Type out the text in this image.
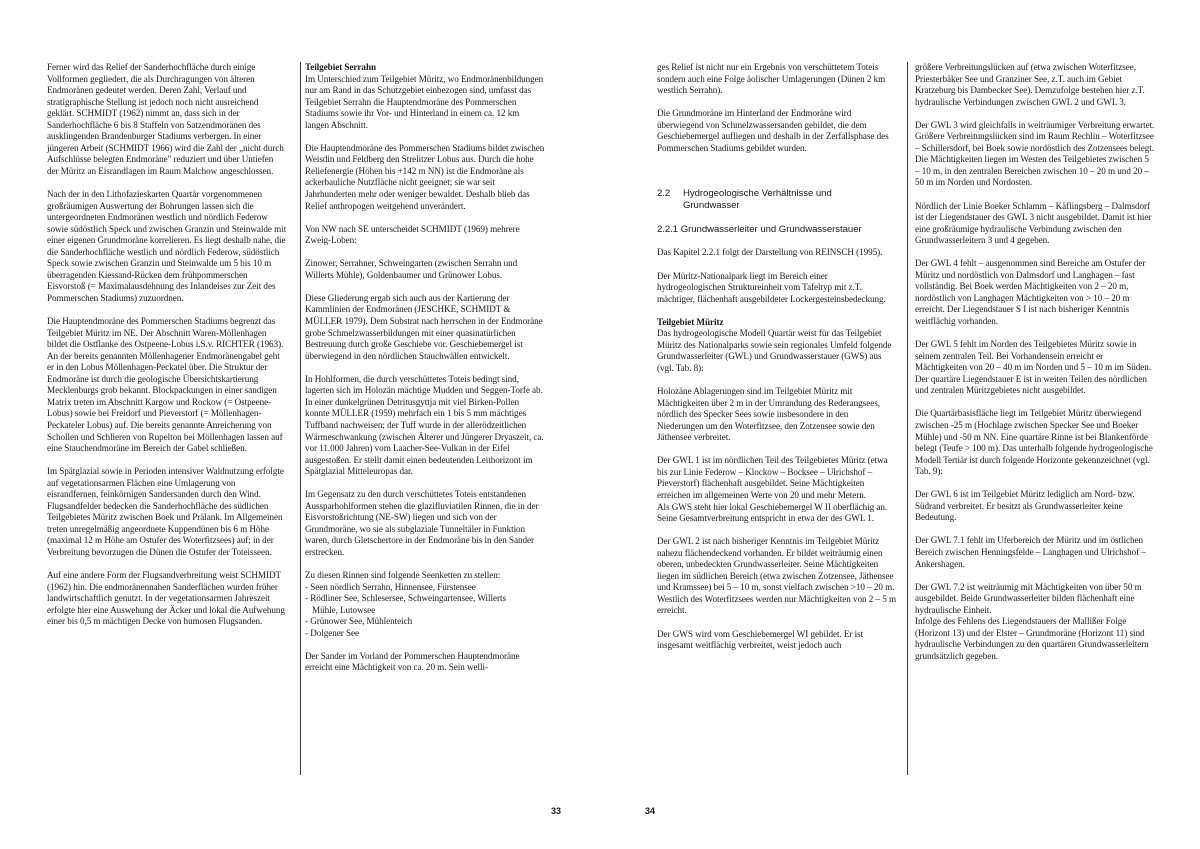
Ferner wird das Relief der Sanderhochfläche durch einige Vollformen gegliedert, die als Durchragungen von älteren Endmoränen gedeutet werden. Deren Zahl, Verlauf und stratigraphische Stellung ist jedoch noch nicht ausreichend geklärt. SCHMIDT (1962) nimmt an, dass sich in der Sanderhochfläche 6 bis 8 Staffeln von Satzendmoränen des ausklingenden Brandenburger Stadiums verbergen. In einer jüngeren Arbeit (SCHMIDT 1966) wird die Zahl der „nicht durch Aufschlüsse belegten Endmoräne" reduziert und über Untiefen der Müritz an Eisrandlagen im Raum Malchow angeschlossen.

Nach der in den Lithofazieskarten Quartär vorgenommenen großräumigen Auswertung der Bohrungen lassen sich die untergeordneten Endmoränen westlich und nördlich Federow sowie südöstlich Speck und zwischen Granzin und Steinwalde mit einer eigenen Grundmoräne korrelieren. Es liegt deshalb nahe, die die Sanderhochfläche westlich und nördlich Federow, südöstlich Speck sowie zwischen Granzin und Steinwalde um 5 bis 10 m überragenden Kiessand-Rücken dem frühpommerschen Eisvorstoß (= Maximalausdehnung des Inlandeises zur Zeit des Pommerschen Stadiums) zuzuordnen.

Die Hauptendmoräne des Pommerschen Stadiums begrenzt das Teilgebiet Müritz im NE. Der Abschnitt Waren-Möllenhagen bildet die Ostflanke des Ostpeene-Lobus i.S.v. RICHTER (1963). An der bereits genannten Möllenhagener Endmoränengabel geht er in den Lobus Möllenhagen-Peckatel über. Die Struktur der Endmoräne ist durch die geologische Übersichtskartierung Mecklenburgs grob bekannt. Blockpackungen in einer sandigen Matrix treten im Abschnitt Kargow und Rockow (= Ostpeene-Lobus) sowie bei Freidorf und Pieverstorf (= Möllenhagen-Peckateler Lobus) auf. Die bereits genannte Anreicherung von Schollen und Schlieren von Rupelton bei Möllenhagen lassen auf eine Stauchendmoräne im Bereich der Gabel schließen.

Im Spätglazial sowie in Perioden intensiver Waldnutzung erfolgte auf vegetationsarmen Flächen eine Umlagerung von eisrandfernen, feinkörnigen Sandersanden durch den Wind. Flugsandfelder bedecken die Sanderhochfläche des südlichen Teilgebietes Müritz zwischen Boek und Prälank. Im Allgemeinen treten unregelmäßig angeordnete Kuppendünen bis 6 m Höhe (maximal 12 m Höhe am Ostufer des Woterfitzsees) auf; in der Verbreitung bevorzugen die Dünen die Ostufer der Toteisseen.

Auf eine andere Form der Flugsandverbreitung weist SCHMIDT (1962) hin. Die endmoränennahen Sanderflächen wurden früher landwirtschaftlich genutzt. In der vegetationsarmen Jahreszeit erfolgte hier eine Auswehung der Äcker und lokal die Aufwehung einer bis 0,5 m mächtigen Decke von humosen Flugsanden.

Teilgebiet Serrahn
Im Unterschied zum Teilgebiet Müritz, wo Endmoränenbildungen nur am Rand in das Schutzgebiet einbezogen sind, umfasst das Teilgebiet Serrahn die Hauptendmoräne des Pommerschen Stadiums sowie ihr Vor- und Hinterland in einem ca. 12 km langen Abschnitt.

Die Hauptendmoräne des Pommerschen Stadiums bildet zwischen Weisdin und Feldberg den Strelitzer Lobus aus. Durch die hohe Reliefenergie (Höhen bis +142 m NN) ist die Endmoräne als ackerbauliche Nutzfläche nicht geeignet; sie war seit Jahrhunderten mehr oder weniger bewaldet. Deshalb blieb das Relief anthropogen weitgehend unverändert.

Von NW nach SE unterscheidet SCHMIDT (1969) mehrere Zweig-Loben:

Zinower, Serrahner, Schweingarten (zwischen Serrahn und Willerts Mühle), Goldenbaumer und Grünower Lobus.

Diese Gliederung ergab sich auch aus der Kartierung der Kammlinien der Endmoränen (JESCHKE, SCHMIDT & MÜLLER 1979). Dem Substrat nach herrschen in der Endmoräne grobe Schmelzwasserbildungen mit einer quasinatürlichen Bestreuung durch große Geschiebe vor. Geschiebemergel ist überwiegend in den nördlichen Stauchwällen entwickelt.

In Hohlformen, die durch verschüttetes Toteis bedingt sind, lagerten sich im Holozän mächtige Mudden und Seggen-Torfe ab. In einer dunkelgrünen Detritusgyttja mit viel Birken-Pollen konnte MÜLLER (1959) mehrfach ein 1 bis 5 mm mächtiges Tuffband nachweisen; der Tuff wurde in der allerödzeitlichen Wärmeschwankung (zwischen Älterer und Jüngerer Dryaszeit, ca. vor 11.000 Jahren) vom Laacher-See-Vulkan in der Eifel ausgestoßen. Er stellt damit einen bedeutenden Leithorizont im Spätglazial Mitteleuropas dar.

Im Gegensatz zu den durch verschüttetes Toteis entstandenen Aussparhohlformen stehen die glazifluviatilen Rinnen, die in der Eisvorstoßrichtung (NE-SW) liegen und sich von der Grundmoräne, wo sie als subglaziale Tunneltäler in Funktion waren, durch Gletschertore in der Endmoräne bis in den Sander erstrecken.

Zu diesen Rinnen sind folgende Seenketten zu stellen:
- Seen nördlich Serrahn, Hinnensee, Fürstensee
- Rödliner See, Schlesersee, Schweingartensee, Willerts
Mühle, Lutowsee
- Grünower See, Mühlenteich
- Dolgener See

Der Sander im Vorland der Pommerschen Hauptendmoräne erreicht eine Mächtigkeit von ca. 20 m. Sein welli-

ges Relief ist nicht nur ein Ergebnis von verschüttetem Toteis sondern auch eine Folge äolischer Umlagerungen (Dünen 2 km westlich Serrahn).

Die Grundmoräne im Hinterland der Endmoräne wird überwiegend von Schmelzwassersanden gebildet, die dem Geschiebemergel aufliegen und deshalb in der Zerfallsphase des Pommerschen Stadiums gebildet wurden.

2.2 Hydrogeologische Verhältnisse und Grundwasser

2.2.1 Grundwasserleiter und Grundwasserstauer

Das Kapitel 2.2.1 folgt der Darstellung von REINSCH (1995).

Der Müritz-Nationalpark liegt im Bereich einer hydrogeologischen Struktureinheit vom Tafeltyp mit z.T. mächtiger, flächenhaft ausgebildeter Lockergesteinsbedeckung.

Teilgebiet Müritz
Das hydrogeologische Modell Quartär weist für das Teilgebiet Müritz des Nationalparks sowie sein regionales Umfeld folgende Grundwasserleiter (GWL) und Grundwasserstauer (GWS) aus (vgl. Tab. 8):

Holozäne Ablagerungen sind im Teilgebiet Müritz mit Mächtigkeiten über 2 m in der Umrandung des Rederangsees, nördlich des Specker Sees sowie insbesondere in den Niederungen um den Woterfitzsee, den Zotzensee sowie den Jäthensee verbreitet.

Der GWL 1 ist im nördlichen Teil des Teilgebietes Müritz (etwa bis zur Linie Federow – Klockow – Bocksee – Ulrichshof – Pieverstorf) flächenhaft ausgebildet. Seine Mächtigkeiten erreichen im allgemeinen Werte von 20 und mehr Metern.
Als GWS steht hier lokal Geschiebemergel W II oberflächig an. Seine Gesamtverbreitung entspricht in etwa der des GWL 1.

Der GWL 2 ist nach bisheriger Kenntnis im Teilgebiet Müritz nahezu flächendeckend vorhanden. Er bildet weiträumig einen oberen, unbedeckten Grundwasserleiter. Seine Mächtigkeiten liegen im südlichen Bereich (etwa zwischen Zotzensee, Jäthensee und Kramssee) bei 5 – 10 m, sonst vielfach zwischen >10 – 20 m. Westlich des Woterfitzsees werden nur Mächtigkeiten von 2 – 5 m erreicht.

Der GWS wird vom Geschiebemergel WI gebildet. Er ist insgesamt weitflächig verbreitet, weist jedoch auch

größere Verbreitungslücken auf (etwa zwischen Woterfitzsee, Priesterbäker See und Granziner See, z.T. auch im Gebiet Kratzeburg bis Dambecker See). Demzufolge bestehen hier z.T. hydraulische Verbindungen zwischen GWL 2 und GWL 3.

Der GWL 3 wird gleichfalls in weiträumiger Verbreitung erwartet. Größere Verbreitungslücken sind im Raum Rechlin – Woterfitzsee – Schillersdorf, bei Boek sowie nordöstlich des Zotzensees belegt. Die Mächtigkeiten liegen im Westen des Teilgebietes zwischen 5 – 10 m, in den zentralen Bereichen zwischen 10 – 20 m und 20 – 50 m im Norden und Nordosten.

Nördlich der Linie Boeker Schlamm – Käflingsberg – Dalmsdorf ist der Liegendstauer des GWL 3 nicht ausgebildet. Damit ist hier eine großräumige hydraulische Verbindung zwischen den Grundwasserleitern 3 und 4 gegeben.

Der GWL 4 fehlt – ausgenommen sind Bereiche am Ostufer der Müritz und nordöstlich von Dalmsdorf und Langhagen – fast vollständig. Bei Boek werden Mächtigkeiten von 2 – 20 m, nordöstlich von Langhagen Mächtigkeiten von > 10 – 20 m erreicht. Der Liegendstauer S I ist nach bisheriger Kenntnis weitflächig vorhanden.

Der GWL 5 fehlt im Norden des Teilgebietes Müritz sowie in seinem zentralen Teil. Bei Vorhandensein erreicht er Mächtigkeiten von 20 – 40 m im Norden und 5 – 10 m im Süden. Der quartäre Liegendstauer E ist in weiten Teilen des nördlichen und zentralen Müritzgebietes nicht ausgebildet.

Die Quartärbasisfläche liegt im Teilgebiet Müritz überwiegend zwischen -25 m (Hochlage zwischen Specker See und Boeker Mühle) und -50 m NN. Eine quartäre Rinne ist bei Blankenförde belegt (Teufe > 100 m). Das unterhalb folgende hydrogeologische Modell Tertiär ist durch folgende Horizonte gekennzeichnet (vgl. Tab. 9):

Der GWL 6 ist im Teilgebiet Müritz lediglich am Nord- bzw. Südrand verbreitet. Er besitzt als Grundwasserleiter keine Bedeutung.

Der GWL 7.1 fehlt im Uferbereich der Müritz und im östlichen Bereich zwischen Henningsfelde – Langhagen und Ulrichshof – Ankershagen.

Der GWL 7.2 ist weiträumig mit Mächtigkeiten von über 50 m ausgebildet. Beide Grundwasserleiter bilden flächenhaft eine hydraulische Einheit.
Infolge des Fehlens des Liegendstauers der Mallißer Folge (Horizont 13) und der Elster – Grundmoräne (Horizont 11) sind hydraulische Verbindungen zu den quartären Grundwasserleitern grundsätzlich gegeben.

33	34
